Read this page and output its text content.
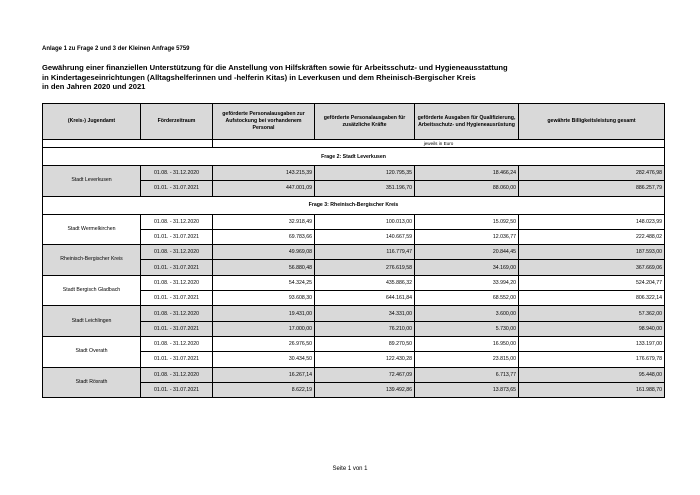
Anlage 1 zu Frage 2 und 3 der Kleinen Anfrage 5759
Gewährung einer finanziellen Unterstützung für die Anstellung von Hilfskräften sowie für Arbeitsschutz- und Hygieneausstattung
in Kindertageseinrichtungen (Alltagshelferinnen und -helferin Kitas) in Leverkusen und dem Rheinisch-Bergischer Kreis
in den Jahren 2020 und 2021
(Kreis-) Jugendamt	Förderzeitraum	geförderte Personalausgaben zur Aufstockung bei vorhandenem Personal	geförderte Personalausgaben für zusätzliche Kräfte	geförderte Ausgaben für Qualifizierung, Arbeitsschutz- und Hygieneausrüstung	gewährte Billigkeitsleistung gesamt
		jeweils in Euro			
Frage 2: Stadt Leverkusen					
Stadt Leverkusen	01.08. - 31.12.2020	143.215,39	120.795,35	18.466,24	282.476,98
	01.01. - 31.07.2021	447.001,09	351.196,70	88.060,00	886.257,79
Frage 3: Rheinisch-Bergischer Kreis					
Stadt Wermelkirchen	01.08. - 31.12.2020	32.918,49	100.013,00	15.092,50	148.023,99
	01.01. - 31.07.2021	69.783,66	140.667,59	12.036,77	222.488,02
Rheinisch-Bergischer Kreis	01.08. - 31.12.2020	49.969,08	116.779,47	20.844,45	187.593,00
	01.01. - 31.07.2021	56.880,48	276.619,58	34.169,00	367.669,06
Stadt Bergisch Gladbach	01.08. - 31.12.2020	54.324,25	435.886,32	33.994,20	524.204,77
	01.01. - 31.07.2021	93.608,30	644.161,84	68.552,00	806.322,14
Stadt Leichlingen	01.08. - 31.12.2020	19.431,00	34.331,00	3.600,00	57.362,00
	01.01. - 31.07.2021	17.000,00	76.210,00	5.730,00	98.940,00
Stadt Overath	01.08. - 31.12.2020	26.976,50	89.270,50	16.950,00	133.197,00
	01.01. - 31.07.2021	30.434,50	122.430,28	23.815,00	176.679,78
Stadt Rösrath	01.08. - 31.12.2020	16.267,14	72.467,09	6.713,77	95.448,00
	01.01. - 31.07.2021	8.622,19	139.492,86	13.873,65	161.988,70
Seite 1 von 1
